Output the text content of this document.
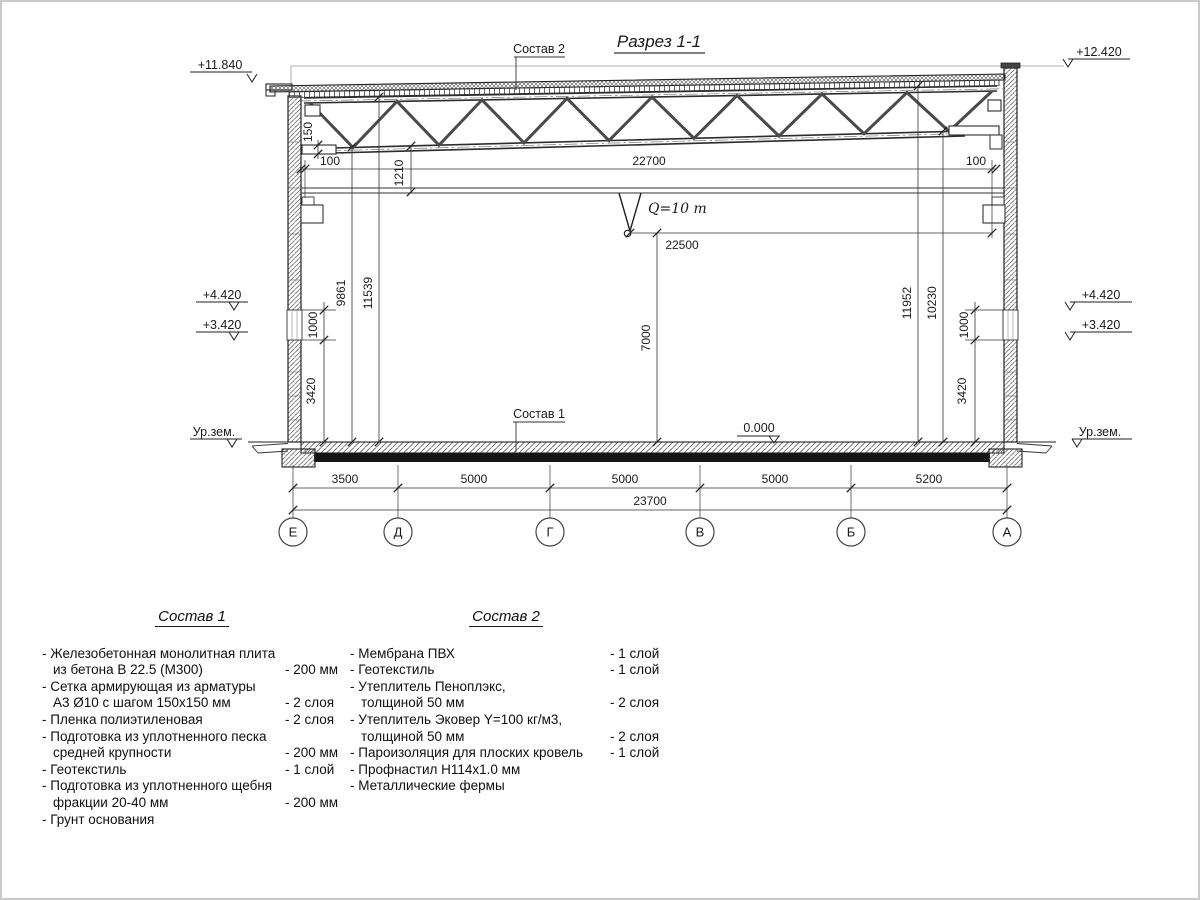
Разрез 1-1
Состав 2
Состав 1
Q=10 т
+11.840
+12.420
+4.420
+3.420
+4.420
+3.420
Ур.зем.	Ур.зем.
0.000
100	22700	100
22500
150
1210
1000
3420
9861 11539
7000
11952 10230
1000
3420
3500	5000	5000	5000	5200
23700
Е	Д	Г	В	Б	А
Состав 1
- Железобетонная монолитная плита
из бетона В 22.5 (М300)	- 200 мм
- Сетка армирующая из арматуры
А3 Ø10 с шагом 150х150 мм	- 2 слоя
- Пленка полиэтиленовая	- 2 слоя
- Подготовка из уплотненного песка
средней крупности	- 200 мм
- Геотекстиль	- 1 слой
- Подготовка из уплотненного щебня
фракции 20-40 мм	- 200 мм
- Грунт основания
Состав 2
- Мембрана ПВХ	- 1 слой
- Геотекстиль	- 1 слой
- Утеплитель Пеноплэкс,
толщиной 50 мм	- 2 слоя
- Утеплитель Эковер Y=100 кг/м3,
толщиной 50 мм	- 2 слоя
- Пароизоляция для плоских кровель	- 1 слой
- Профнастил Н114х1.0 мм
- Металлические фермы
